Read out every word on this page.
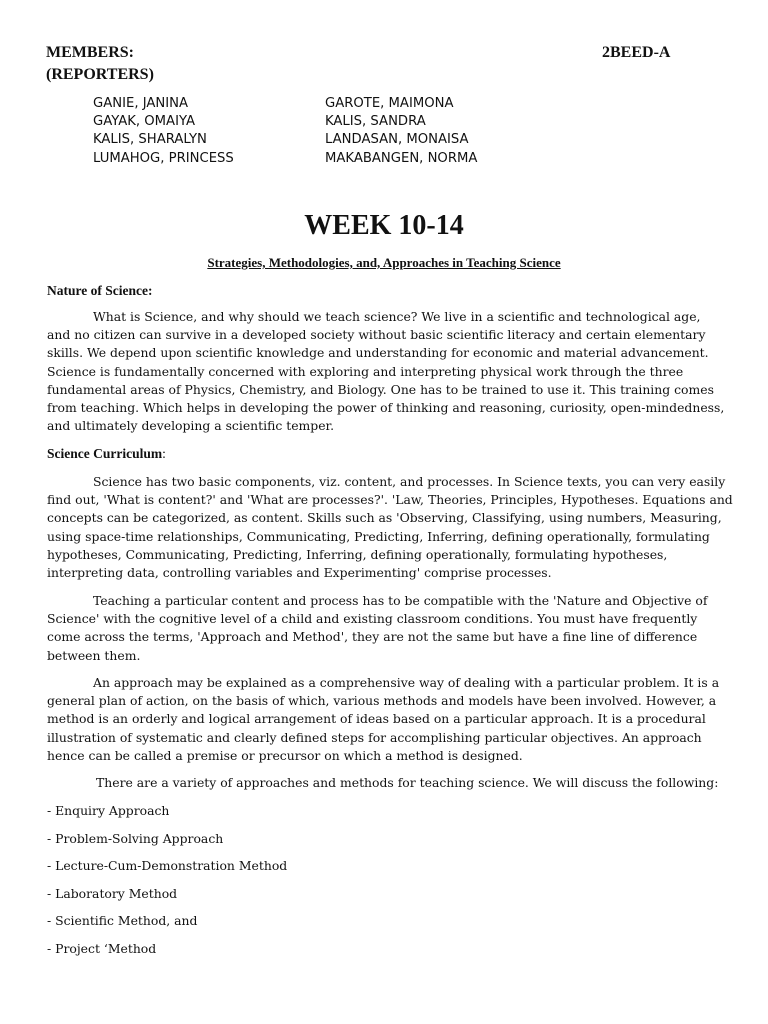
MEMBERS:	2BEED-A
(REPORTERS)
GANIE, JANINA	GAROTE, MAIMONA
GAYAK, OMAIYA	KALIS, SANDRA
KALIS, SHARALYN	LANDASAN, MONAISA
LUMAHOG, PRINCESS	MAKABANGEN, NORMA
WEEK 10-14
Strategies, Methodologies, and, Approaches in Teaching Science
Nature of Science:
What is Science, and why should we teach science? We live in a scientific and technological age,
and no citizen can survive in a developed society without basic scientific literacy and certain elementary
skills. We depend upon scientific knowledge and understanding for economic and material advancement.
Science is fundamentally concerned with exploring and interpreting physical work through the three
fundamental areas of Physics, Chemistry, and Biology. One has to be trained to use it. This training comes
from teaching. Which helps in developing the power of thinking and reasoning, curiosity, open-mindedness,
and ultimately developing a scientific temper.
Science Curriculum:
Science has two basic components, viz. content, and processes. In Science texts, you can very easily
find out, 'What is content?' and 'What are processes?'. 'Law, Theories, Principles, Hypotheses. Equations and
concepts can be categorized, as content. Skills such as 'Observing, Classifying, using numbers, Measuring,
using space-time relationships, Communicating, Predicting, Inferring, defining operationally, formulating
hypotheses, Communicating, Predicting, Inferring, defining operationally, formulating hypotheses,
interpreting data, controlling variables and Experimenting' comprise processes.
Teaching a particular content and process has to be compatible with the 'Nature and Objective of
Science' with the cognitive level of a child and existing classroom conditions. You must have frequently
come across the terms, 'Approach and Method', they are not the same but have a fine line of difference
between them.
An approach may be explained as a comprehensive way of dealing with a particular problem. It is a
general plan of action, on the basis of which, various methods and models have been involved. However, a
method is an orderly and logical arrangement of ideas based on a particular approach. It is a procedural
illustration of systematic and clearly defined steps for accomplishing particular objectives. An approach
hence can be called a premise or precursor on which a method is designed.
There are a variety of approaches and methods for teaching science. We will discuss the following:
- Enquiry Approach
- Problem-Solving Approach
- Lecture-Cum-Demonstration Method
- Laboratory Method
- Scientific Method, and
- Project ‘Method
